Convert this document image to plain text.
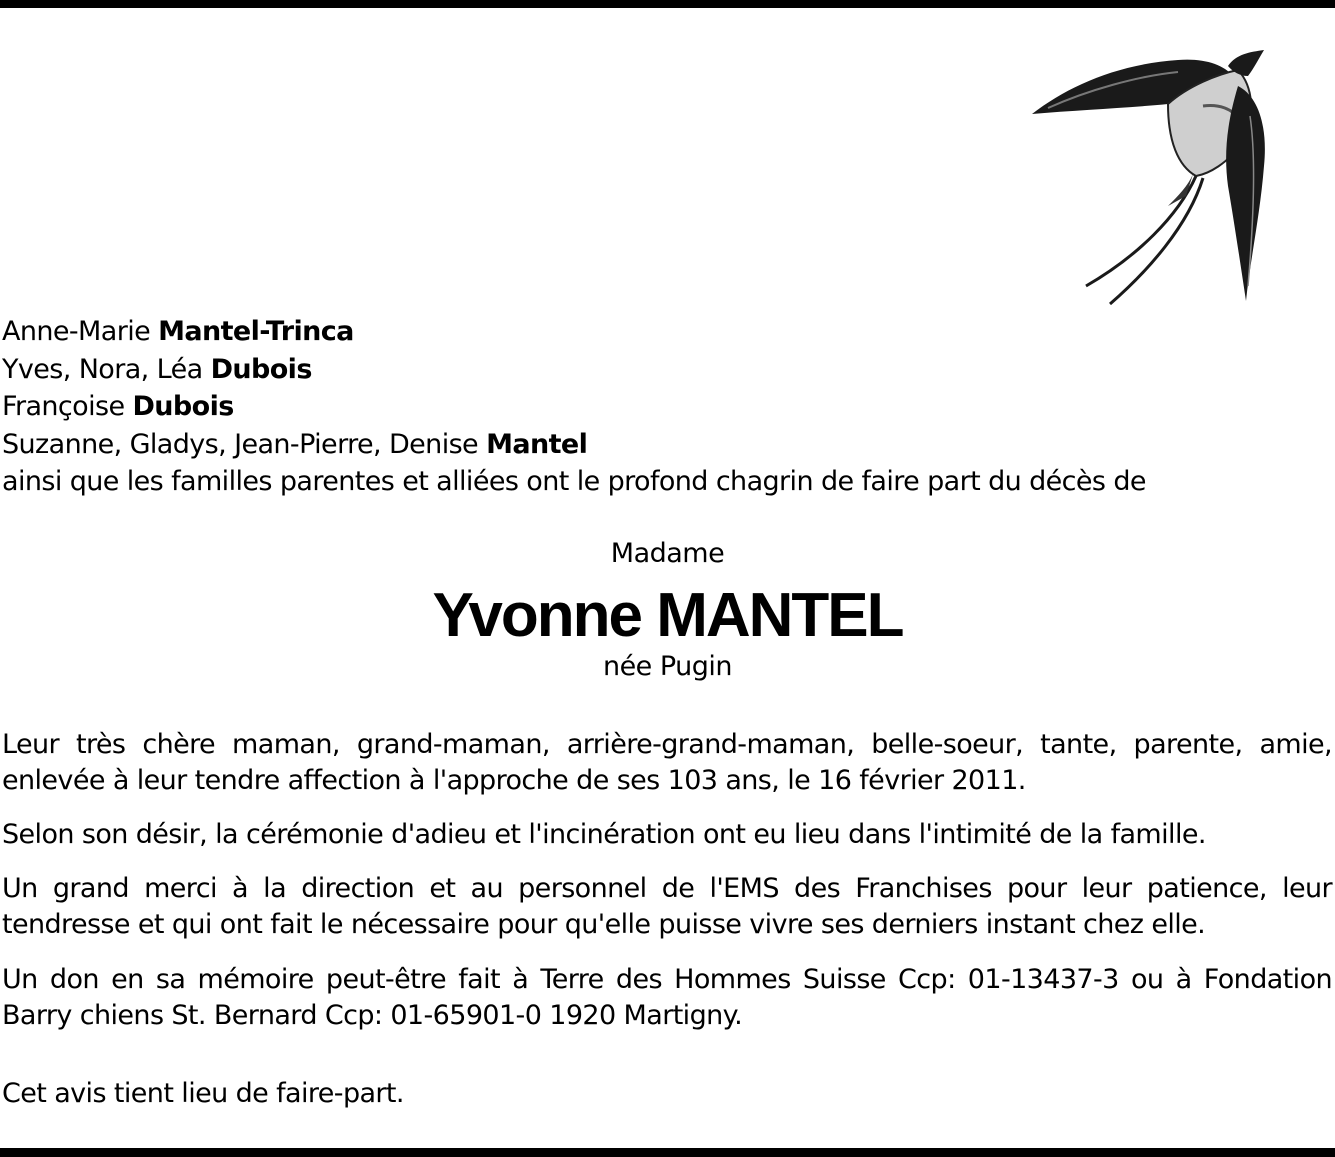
Anne-Marie Mantel-Trinca
Yves, Nora, Léa Dubois
Françoise Dubois
Suzanne, Gladys, Jean-Pierre, Denise Mantel
ainsi que les familles parentes et alliées ont le profond chagrin de faire part du décès de
Madame
Yvonne MANTEL
née Pugin
Leur très chère maman, grand-maman, arrière-grand-maman, belle-soeur, tante, parente, amie, enlevée à leur tendre affection à l'approche de ses 103 ans, le 16 février 2011.
Selon son désir, la cérémonie d'adieu et l'incinération ont eu lieu dans l'intimité de la famille.
Un grand merci à la direction et au personnel de l'EMS des Franchises pour leur patience, leur tendresse et qui ont fait le nécessaire pour qu'elle puisse vivre ses derniers instant chez elle.
Un don en sa mémoire peut-être fait à Terre des Hommes Suisse Ccp: 01-13437-3 ou à Fondation Barry chiens St. Bernard Ccp: 01-65901-0 1920 Martigny.
Cet avis tient lieu de faire-part.
